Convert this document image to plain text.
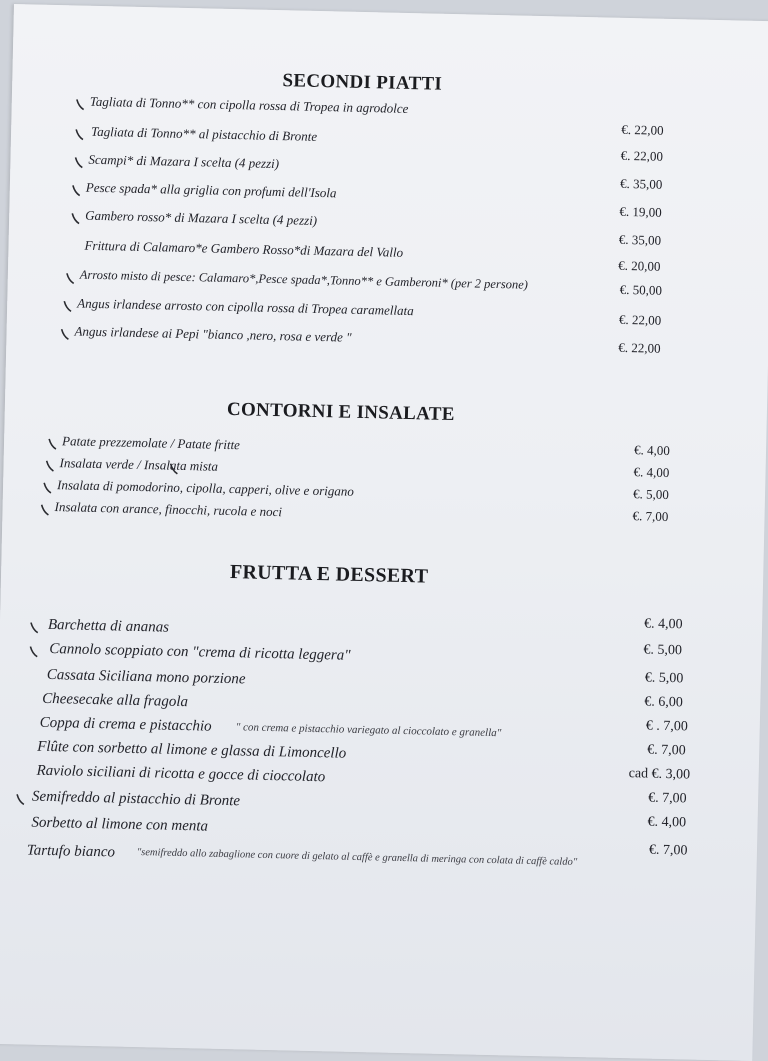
SECONDI PIATTI
Tagliata di Tonno** con cipolla rossa di Tropea in agrodolce
€. 22,00
Tagliata di Tonno** al pistacchio di Bronte
€. 22,00
Scampi* di Mazara I scelta (4 pezzi)
€. 35,00
Pesce spada* alla griglia con profumi dell'Isola
€. 19,00
Gambero rosso* di Mazara I scelta (4 pezzi)
€. 35,00
Frittura di Calamaro*e Gambero Rosso*di Mazara del Vallo
€. 20,00
Arrosto misto di pesce: Calamaro*,Pesce spada*,Tonno** e Gamberoni* (per 2 persone)	€. 50,00
Angus irlandese arrosto con cipolla rossa di Tropea caramellata
€. 22,00
Angus irlandese ai Pepi "bianco ,nero, rosa e verde "
€. 22,00
CONTORNI E INSALATE
Patate prezzemolate / Patate fritte	€. 4,00
Insalata verde / Insalata mista	€. 4,00
Insalata di pomodorino, cipolla, capperi, olive e origano	€. 5,00
Insalata con arance, finocchi, rucola e noci	€. 7,00
FRUTTA E DESSERT
Barchetta di ananas	€. 4,00
Cannolo scoppiato con "crema di ricotta leggera"	€. 5,00
Cassata Siciliana mono porzione	€. 5,00
Cheesecake alla fragola	€. 6,00
Coppa di crema e pistacchio " con crema e pistacchio variegato al cioccolato e granella"	€ . 7,00
Flûte con sorbetto al limone e glassa di Limoncello	€. 7,00
Raviolo siciliani di ricotta e gocce di cioccolato	cad €. 3,00
Semifreddo al pistacchio di Bronte	€. 7,00
Sorbetto al limone con menta	€. 4,00
Tartufo bianco "semifreddo allo zabaglione con cuore di gelato al caffè e granella di meringa con colata di caffè caldo"	€. 7,00
